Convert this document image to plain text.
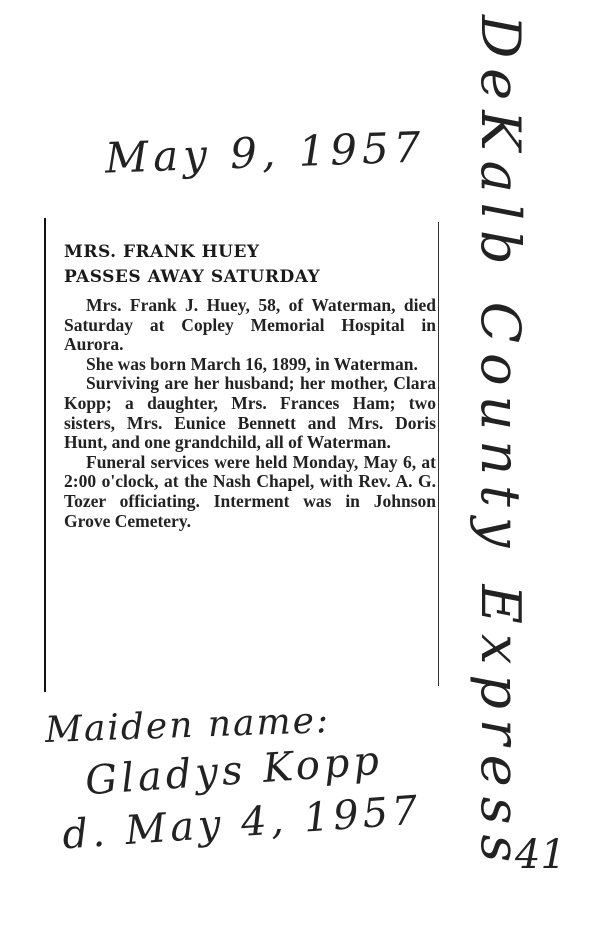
May 9, 1957 DeKalb County Express
MRS. FRANK HUEY
PASSES AWAY SATURDAY

Mrs. Frank J. Huey, 58, of Waterman, died Saturday at Copley Memorial Hospital in Aurora.

She was born March 16, 1899, in Waterman.

Surviving are her husband; her mother, Clara Kopp; a daughter, Mrs. Frances Ham; two sisters, Mrs. Eunice Bennett and Mrs. Doris Hunt, and one grandchild, all of Waterman.

Funeral services were held Monday, May 6, at 2:00 o'clock, at the Nash Chapel, with Rev. A. G. Tozer officiating. Interment was in Johnson Grove Cemetery.

Maiden name:
Gladys Kopp
d. May 4, 1957 41
